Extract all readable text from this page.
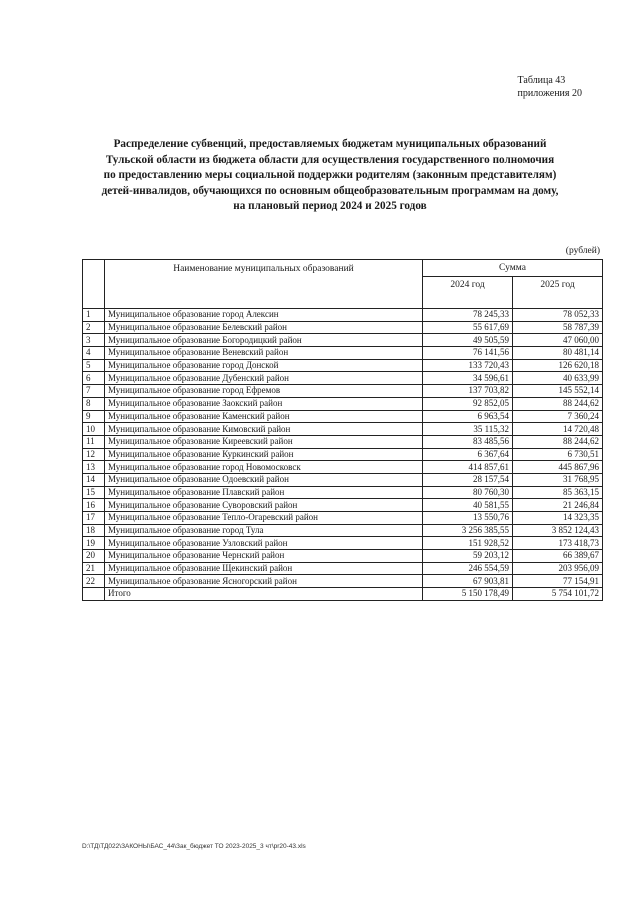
Таблица 43
приложения 20
Распределение субвенций, предоставляемых бюджетам муниципальных образований
Тульской области из бюджета области для осуществления государственного полномочия
по предоставлению меры социальной поддержки родителям (законным представителям)
детей-инвалидов, обучающихся по основным общеобразовательным программам на дому,
на плановый период 2024 и 2025 годов
(рублей)
	Наименование муниципальных образований	Сумма	
		2024 год	2025 год
1	Муниципальное образование город Алексин	78 245,33	78 052,33
2	Муниципальное образование Белевский район	55 617,69	58 787,39
3	Муниципальное образование Богородицкий район	49 505,59	47 060,00
4	Муниципальное образование Веневский район	76 141,56	80 481,14
5	Муниципальное образование город Донской	133 720,43	126 620,18
6	Муниципальное образование Дубенский район	34 596,61	40 633,99
7	Муниципальное образование город Ефремов	137 703,82	145 552,14
8	Муниципальное образование Заокский район	92 852,05	88 244,62
9	Муниципальное образование Каменский район	6 963,54	7 360,24
10	Муниципальное образование Кимовский район	35 115,32	14 720,48
11	Муниципальное образование Киреевский район	83 485,56	88 244,62
12	Муниципальное образование Куркинский район	6 367,64	6 730,51
13	Муниципальное образование город Новомосковск	414 857,61	445 867,96
14	Муниципальное образование Одоевский район	28 157,54	31 768,95
15	Муниципальное образование Плавский район	80 760,30	85 363,15
16	Муниципальное образование Суворовский район	40 581,55	21 246,84
17	Муниципальное образование Тепло-Огаревский район	13 550,76	14 323,35
18	Муниципальное образование город Тула	3 256 385,55	3 852 124,43
19	Муниципальное образование Узловский район	151 928,52	173 418,73
20	Муниципальное образование Чернский район	59 203,12	66 389,67
21	Муниципальное образование Щекинский район	246 554,59	203 956,09
22	Муниципальное образование Ясногорский район	67 903,81	77 154,91
	Итого	5 150 178,49	5 754 101,72
D:\ТД\ТД022\ЗАКОНЫ\БАС_44\Зак_бюджет ТО 2023-2025_3 чт\pr20-43.xls
